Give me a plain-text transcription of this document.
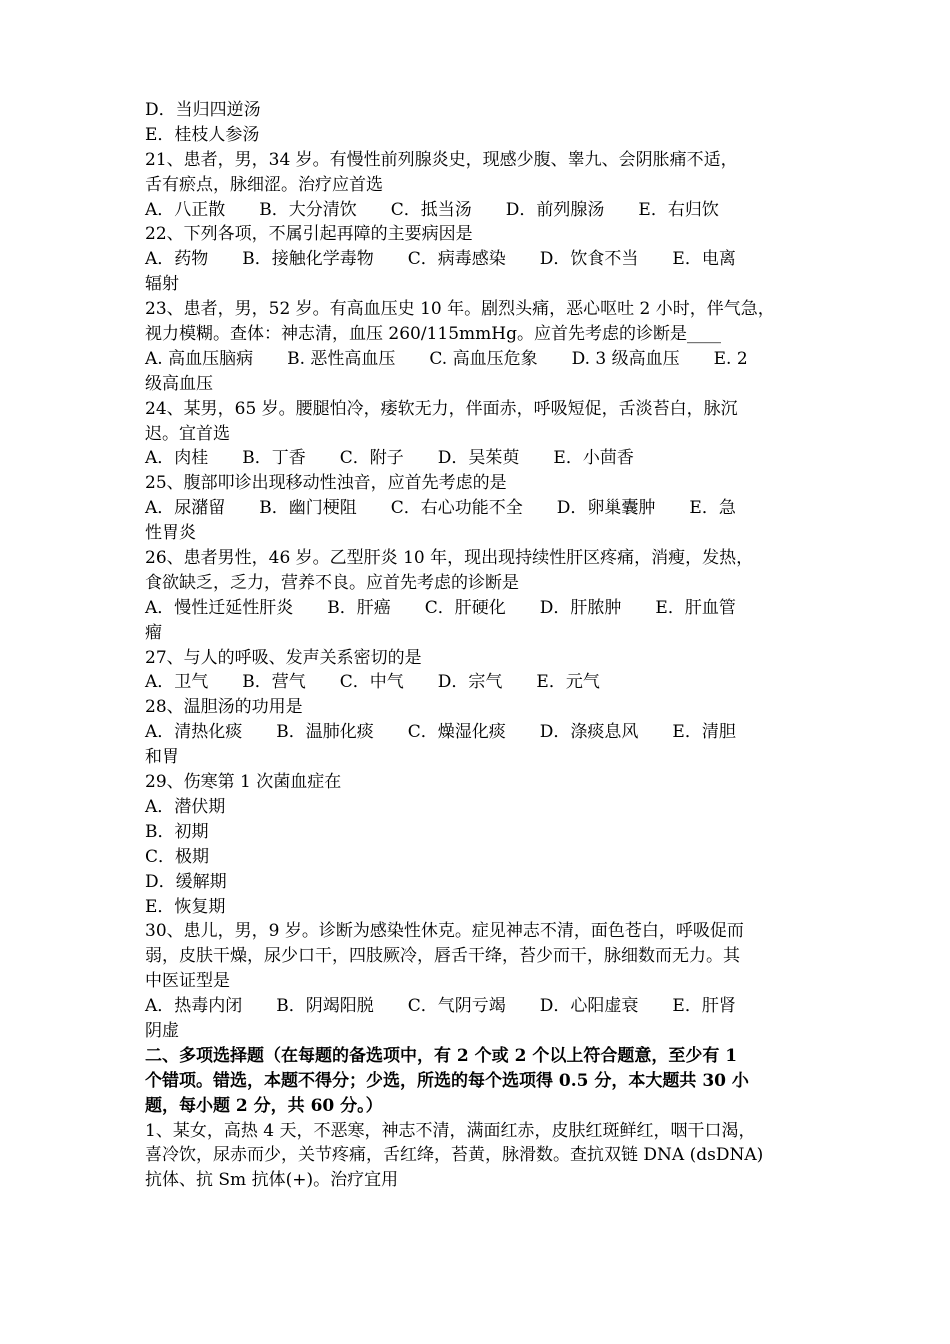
D．当归四逆汤
E．桂枝人参汤
21、患者，男，34 岁。有慢性前列腺炎史，现感少腹、睾九、会阴胀痛不适，
舌有瘀点，脉细涩。治疗应首选
A．八正散　　B．大分清饮　　C．抵当汤　　D．前列腺汤　　E．右归饮
22、下列各项，不属引起再障的主要病因是
A．药物　　B．接触化学毒物　　C．病毒感染　　D．饮食不当　　E．电离
辐射
23、患者，男，52 岁。有高血压史 10 年。剧烈头痛，恶心呕吐 2 小时，伴气急，
视力模糊。查体：神志清，血压 260/115mmHg。应首先考虑的诊断是____
A. 高血压脑病　　B. 恶性高血压　　C. 高血压危象　　D. 3 级高血压　　E. 2
级高血压
24、某男，65 岁。腰腿怕冷，痿软无力，伴面赤，呼吸短促，舌淡苔白，脉沉
迟。宜首选
A．肉桂　　B．丁香　　C．附子　　D．吴茱萸　　E．小茴香
25、腹部叩诊出现移动性浊音，应首先考虑的是
A．尿潴留　　B．幽门梗阻　　C．右心功能不全　　D．卵巢囊肿　　E．急
性胃炎
26、患者男性，46 岁。乙型肝炎 10 年，现出现持续性肝区疼痛，消瘦，发热，
食欲缺乏，乏力，营养不良。应首先考虑的诊断是
A．慢性迁延性肝炎　　B．肝癌　　C．肝硬化　　D．肝脓肿　　E．肝血管
瘤
27、与人的呼吸、发声关系密切的是
A．卫气　　B．营气　　C．中气　　D．宗气　　E．元气
28、温胆汤的功用是
A．清热化痰　　B．温肺化痰　　C．燥湿化痰　　D．涤痰息风　　E．清胆
和胃
29、伤寒第 1 次菌血症在
A．潜伏期
B．初期
C．极期
D．缓解期
E．恢复期
30、患儿，男，9 岁。诊断为感染性休克。症见神志不清，面色苍白，呼吸促而
弱，皮肤干燥，尿少口干，四肢厥冷，唇舌干绛，苔少而干，脉细数而无力。其
中医证型是
A．热毒内闭　　B．阴竭阳脱　　C．气阴亏竭　　D．心阳虚衰　　E．肝肾
阴虚
二、多项选择题（在每题的备选项中，有 2 个或 2 个以上符合题意，至少有 1
个错项。错选，本题不得分；少选，所选的每个选项得 0.5 分，本大题共 30 小
题，每小题 2 分，共 60 分。）
1、某女，高热 4 天，不恶寒，神志不清，满面红赤，皮肤红斑鲜红，咽干口渴，
喜冷饮，尿赤而少，关节疼痛，舌红绛，苔黄，脉滑数。查抗双链 DNA (dsDNA)
抗体、抗 Sm 抗体(+)。治疗宜用
